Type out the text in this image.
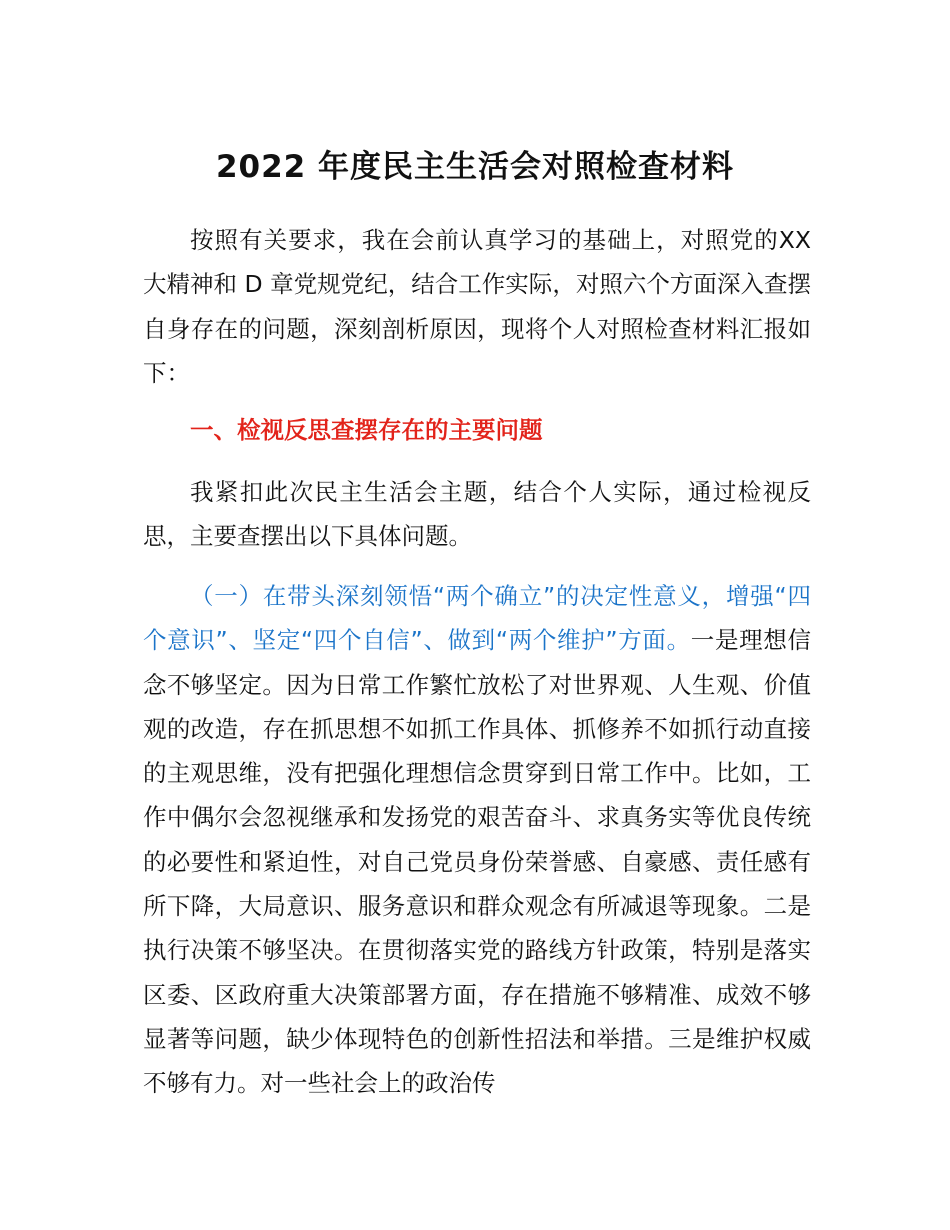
2022 年度民主生活会对照检查材料

按照有关要求，我在会前认真学习的基础上，对照党的XX 大精神和 D 章党规党纪，结合工作实际，对照六个方面深入查摆自身存在的问题，深刻剖析原因，现将个人对照检查材料汇报如下：

一、检视反思查摆存在的主要问题

我紧扣此次民主生活会主题，结合个人实际，通过检视反思，主要查摆出以下具体问题。

（一）在带头深刻领悟“两个确立”的决定性意义，增强“四个意识”、坚定“四个自信”、做到“两个维护”方面。一是理想信念不够坚定。因为日常工作繁忙放松了对世界观、人生观、价值观的改造，存在抓思想不如抓工作具体、抓修养不如抓行动直接的主观思维，没有把强化理想信念贯穿到日常工作中。比如，工作中偶尔会忽视继承和发扬党的艰苦奋斗、求真务实等优良传统的必要性和紧迫性，对自己党员身份荣誉感、自豪感、责任感有所下降，大局意识、服务意识和群众观念有所减退等现象。二是执行决策不够坚决。在贯彻落实党的路线方针政策，特别是落实区委、区政府重大决策部署方面，存在措施不够精准、成效不够显著等问题，缺少体现特色的创新性招法和举措。三是维护权威不够有力。对一些社会上的政治传
